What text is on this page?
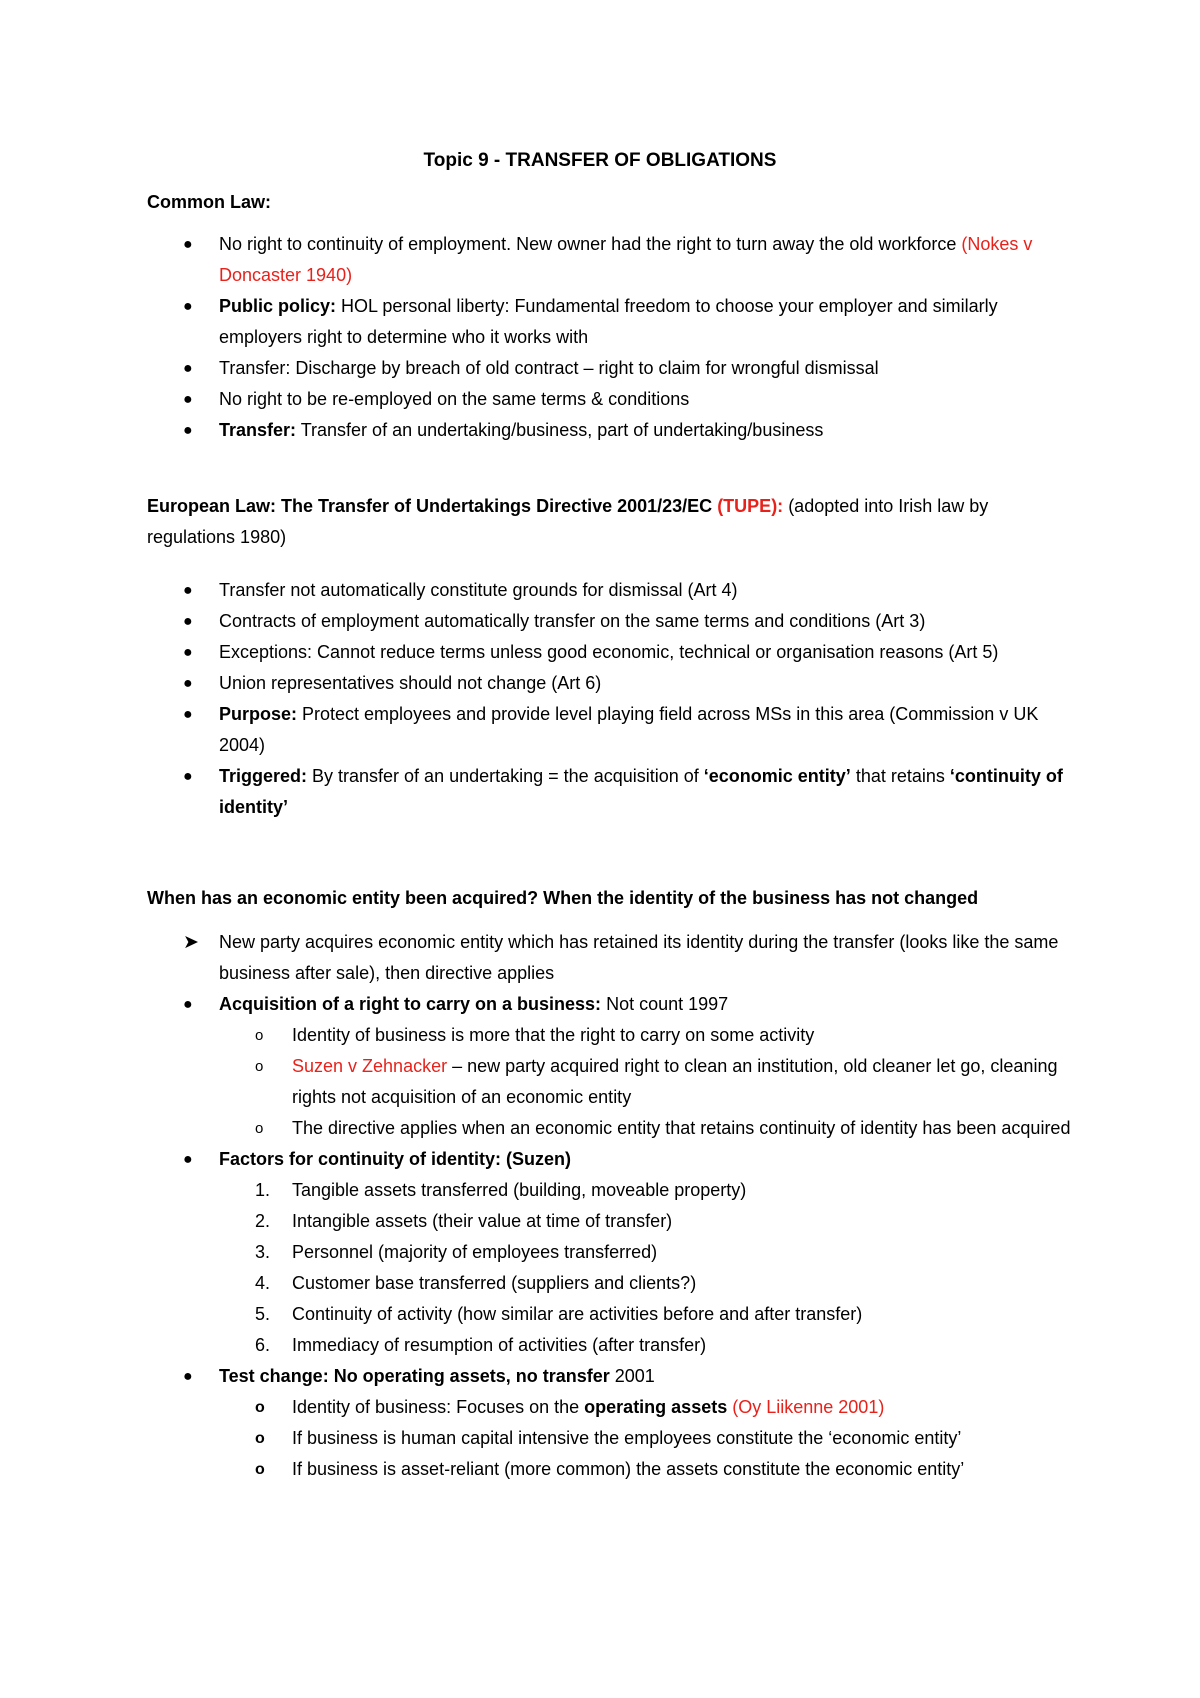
Topic 9 - TRANSFER OF OBLIGATIONS
Common Law:
●	No right to continuity of employment. New owner had the right to turn away the old workforce (Nokes v Doncaster 1940)
●	Public policy: HOL personal liberty: Fundamental freedom to choose your employer and similarly employers right to determine who it works with
●	Transfer: Discharge by breach of old contract – right to claim for wrongful dismissal
●	No right to be re-employed on the same terms & conditions
●	Transfer: Transfer of an undertaking/business, part of undertaking/business
European Law: The Transfer of Undertakings Directive 2001/23/EC (TUPE): (adopted into Irish law by regulations 1980)
●	Transfer not automatically constitute grounds for dismissal (Art 4)
●	Contracts of employment automatically transfer on the same terms and conditions (Art 3)
●	Exceptions: Cannot reduce terms unless good economic, technical or organisation reasons (Art 5)
●	Union representatives should not change (Art 6)
●	Purpose: Protect employees and provide level playing field across MSs in this area (Commission v UK 2004)
●	Triggered: By transfer of an undertaking = the acquisition of ‘economic entity’ that retains ‘continuity of identity’
When has an economic entity been acquired? When the identity of the business has not changed
➤	New party acquires economic entity which has retained its identity during the transfer (looks like the same business after sale), then directive applies
●	Acquisition of a right to carry on a business: Not count 1997
o	Identity of business is more that the right to carry on some activity
o	Suzen v Zehnacker – new party acquired right to clean an institution, old cleaner let go, cleaning rights not acquisition of an economic entity
o	The directive applies when an economic entity that retains continuity of identity has been acquired
●	Factors for continuity of identity: (Suzen)
1.	Tangible assets transferred (building, moveable property)
2.	Intangible assets (their value at time of transfer)
3.	Personnel (majority of employees transferred)
4.	Customer base transferred (suppliers and clients?)
5.	Continuity of activity (how similar are activities before and after transfer)
6.	Immediacy of resumption of activities (after transfer)
●	Test change: No operating assets, no transfer 2001
o	Identity of business: Focuses on the operating assets (Oy Liikenne 2001)
o	If business is human capital intensive the employees constitute the ‘economic entity’
o	If business is asset-reliant (more common) the assets constitute the economic entity’
